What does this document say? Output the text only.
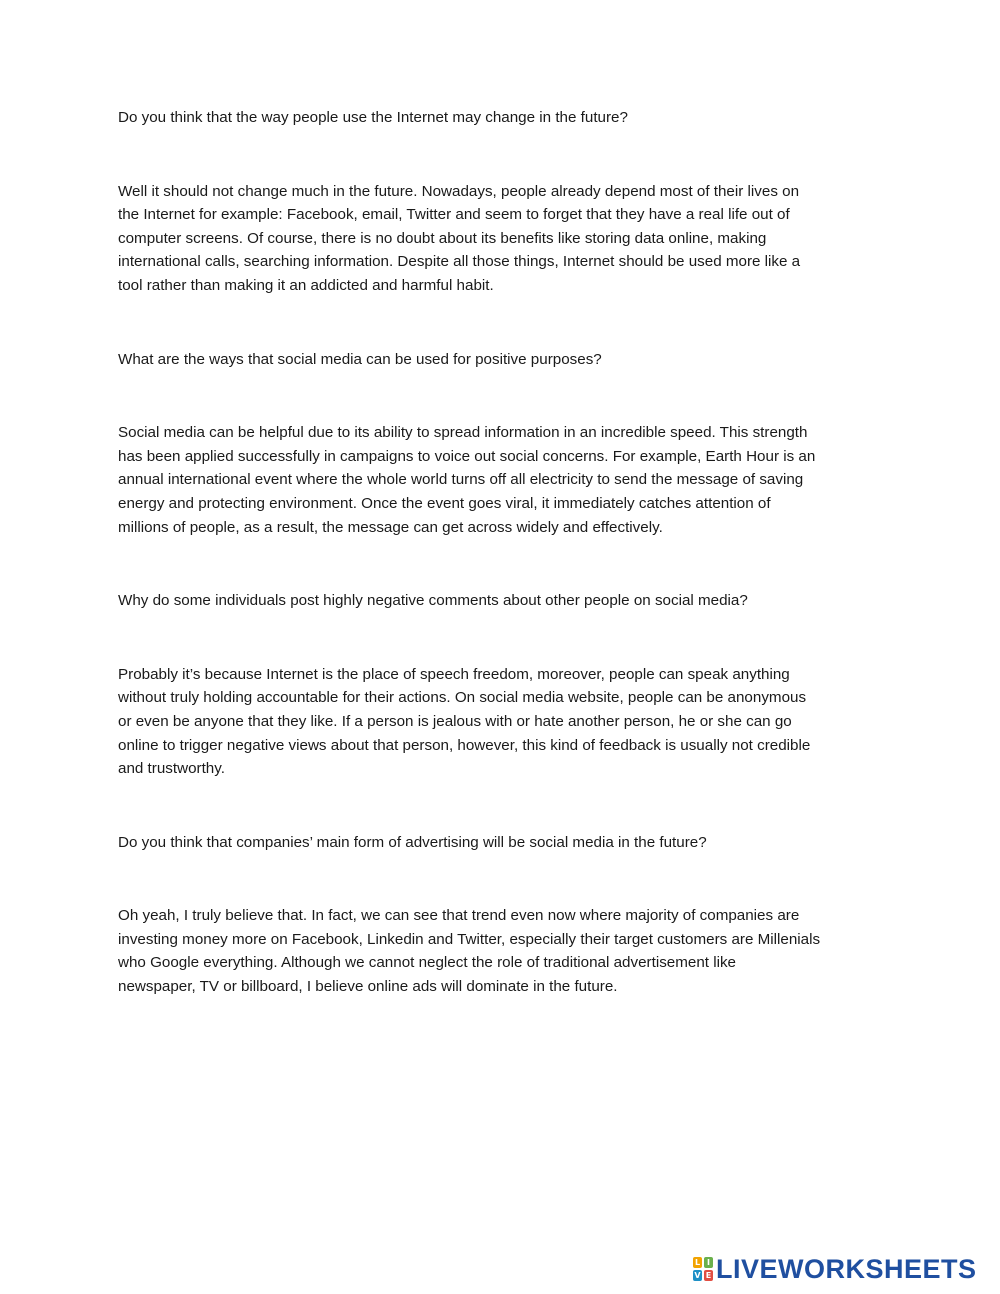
Do you think that the way people use the Internet may change in the future?

Well it should not change much in the future. Nowadays, people already depend most of their lives on
the Internet for example: Facebook, email, Twitter and seem to forget that they have a real life out of
computer screens. Of course, there is no doubt about its benefits like storing data online, making
international calls, searching information. Despite all those things, Internet should be used more like a
tool rather than making it an addicted and harmful habit.

What are the ways that social media can be used for positive purposes?

Social media can be helpful due to its ability to spread information in an incredible speed. This strength
has been applied successfully in campaigns to voice out social concerns. For example, Earth Hour is an
annual international event where the whole world turns off all electricity to send the message of saving
energy and protecting environment. Once the event goes viral, it immediately catches attention of
millions of people, as a result, the message can get across widely and effectively.

Why do some individuals post highly negative comments about other people on social media?

Probably it’s because Internet is the place of speech freedom, moreover, people can speak anything
without truly holding accountable for their actions. On social media website, people can be anonymous
or even be anyone that they like. If a person is jealous with or hate another person, he or she can go
online to trigger negative views about that person, however, this kind of feedback is usually not credible
and trustworthy.

Do you think that companies’ main form of advertising will be social media in the future?

Oh yeah, I truly believe that. In fact, we can see that trend even now where majority of companies are
investing money more on Facebook, Linkedin and Twitter, especially their target customers are Millenials
who Google everything. Although we cannot neglect the role of traditional advertisement like
newspaper, TV or billboard, I believe online ads will dominate in the future.

L I
V E LIVEWORKSHEETS
